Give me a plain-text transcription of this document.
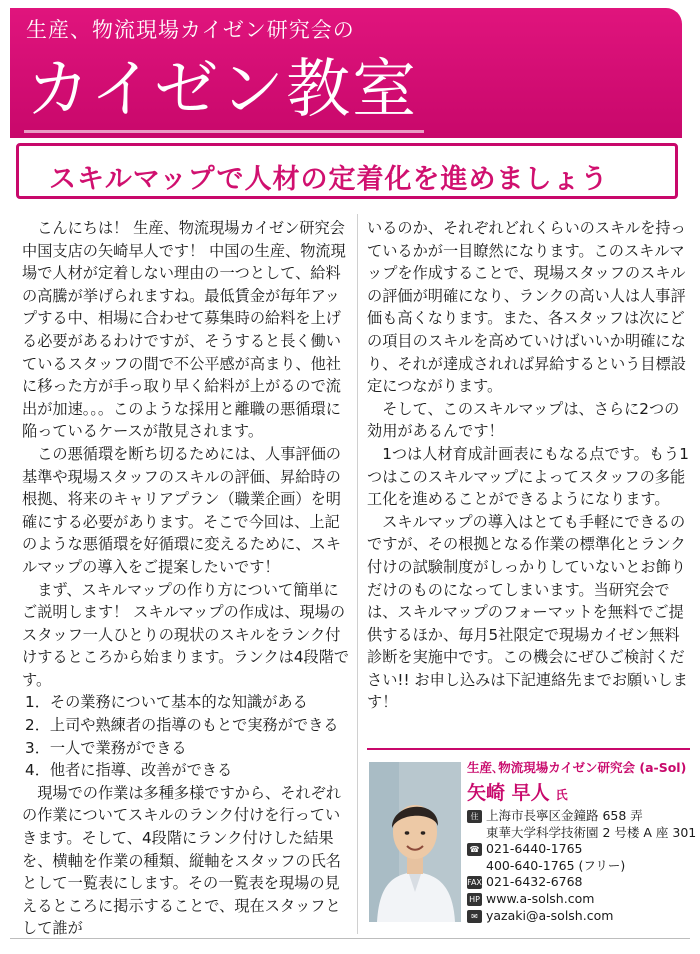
生産、物流現場カイゼン研究会の
カイゼン教室
スキルマップで人材の定着化を進めましょう

こんにちは！ 生産、物流現場カイゼン研究会中国支店の矢崎早人です！ 中国の生産、物流現場で人材が定着しない理由の一つとして、給料の高騰が挙げられますね。最低賃金が毎年アップする中、相場に合わせて募集時の給料を上げる必要があるわけですが、そうすると長く働いているスタッフの間で不公平感が高まり、他社に移った方が手っ取り早く給料が上がるので流出が加速。。。このような採用と離職の悪循環に陥っているケースが散見されます。

この悪循環を断ち切るためには、人事評価の基準や現場スタッフのスキルの評価、昇給時の根拠、将来のキャリアプラン（職業企画）を明確にする必要があります。そこで今回は、上記のような悪循環を好循環に変えるために、スキルマップの導入をご提案したいです！

まず、スキルマップの作り方について簡単にご説明します！ スキルマップの作成は、現場のスタッフ一人ひとりの現状のスキルをランク付けするところから始まります。ランクは4段階です。

1．その業務について基本的な知識がある
2．上司や熟練者の指導のもとで実務ができる
3．一人で業務ができる
4．他者に指導、改善ができる

現場での作業は多種多様ですから、それぞれの作業についてスキルのランク付けを行っていきます。そして、4段階にランク付けした結果を、横軸を作業の種類、縦軸をスタッフの氏名として一覧表にします。その一覧表を現場の見えるところに掲示することで、現在スタッフとして誰が

いるのか、それぞれどれくらいのスキルを持っているかが一目瞭然になります。このスキルマップを作成することで、現場スタッフのスキルの評価が明確になり、ランクの高い人は人事評価も高くなります。また、各スタッフは次にどの項目のスキルを高めていけばいいか明確になり、それが達成されれば昇給するという目標設定につながります。

そして、このスキルマップは、さらに2つの効用があるんです！

1つは人材育成計画表にもなる点です。もう1つはこのスキルマップによってスタッフの多能工化を進めることができるようになります。

スキルマップの導入はとても手軽にできるのですが、その根拠となる作業の標準化とランク付けの試験制度がしっかりしていないとお飾りだけのものになってしまいます。当研究会では、スキルマップのフォーマットを無料でご提供するほか、毎月5社限定で現場カイゼン無料診断を実施中です。この機会にぜひご検討ください!! お申し込みは下記連絡先までお願いします！

生産､物流現場カイゼン研究会 (a-Sol)
矢崎 早人 氏
住 上海市長寧区金鐘路 658 弄
東華大学科学技術園 2 号楼 A 座 301
☎ 021-6440-1765
400-640-1765 (フリー)
FAX 021-6432-6768
HP www.a-solsh.com
✉ yazaki@a-solsh.com
